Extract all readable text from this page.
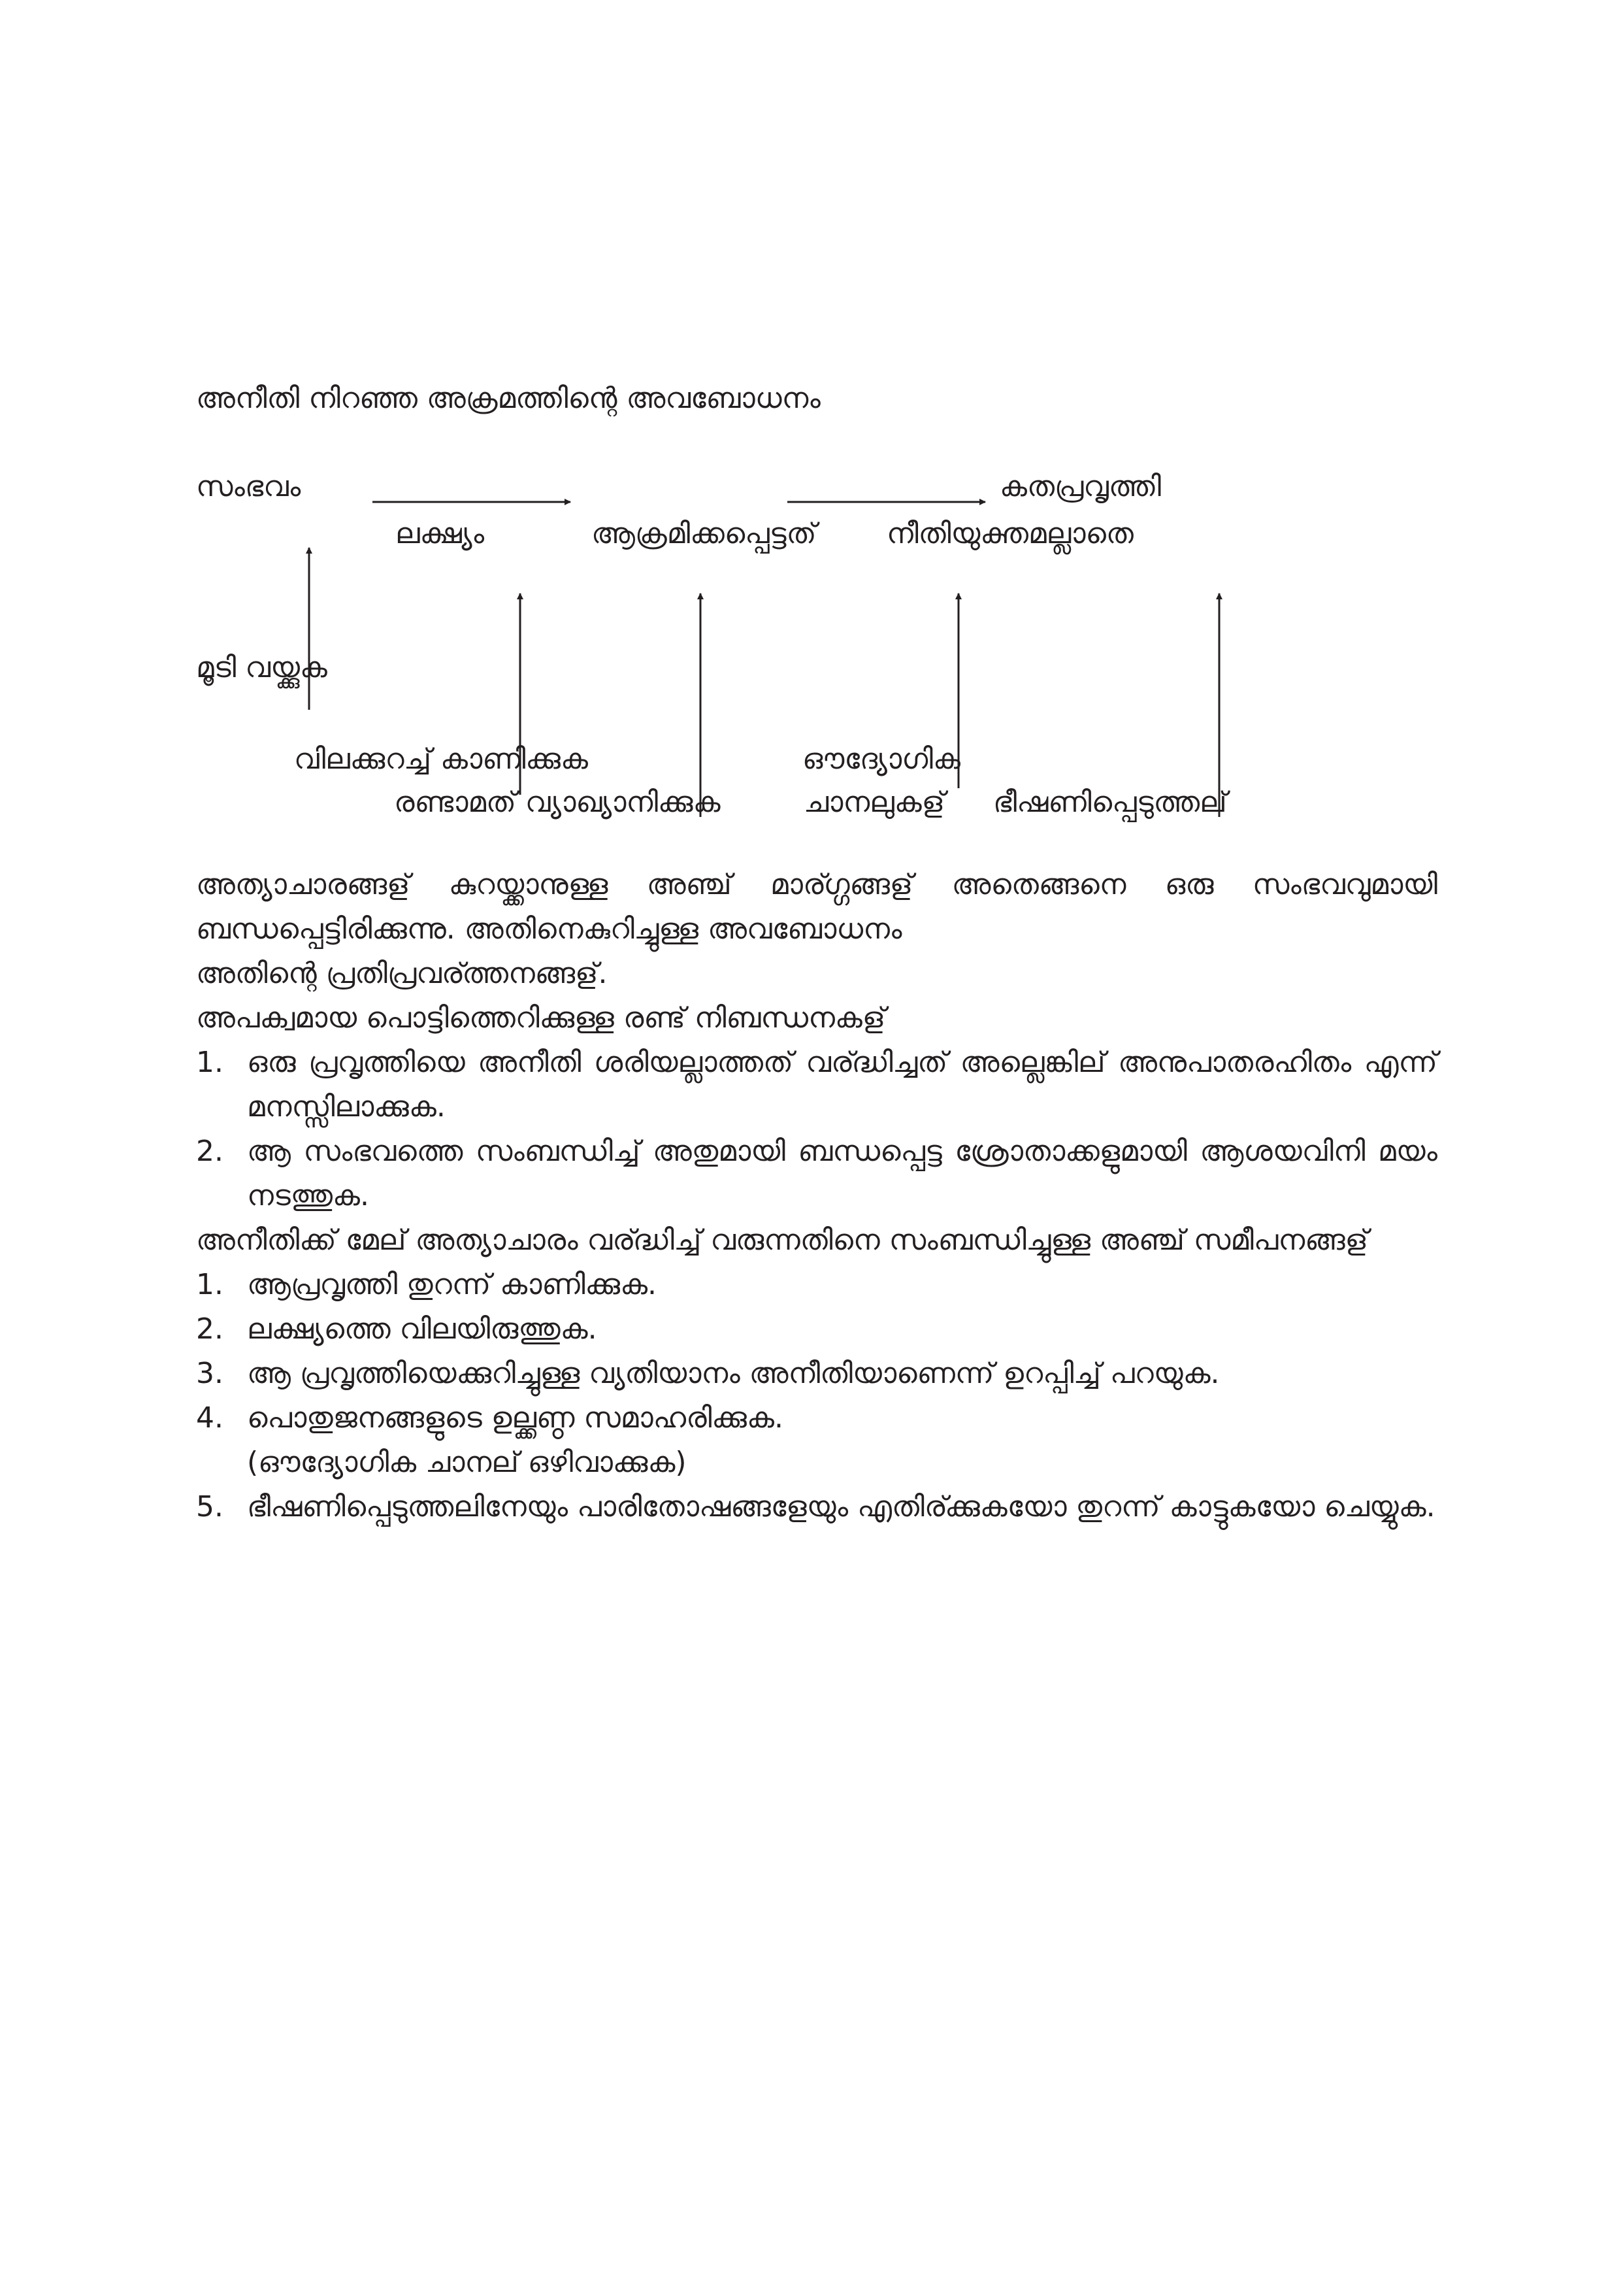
അനീതി നിറഞ്ഞ അക്രമത്തിന്റെ അവബോധനം
സംഭവം
ലക്ഷ്യം	ആക്രമിക്കപ്പെട്ടത്
കതപ്രവൃത്തി
നീതിയുക്തമല്ലാതെ
മൂടി വയ്ക്കുക
വിലക്കുറച്ച് കാണിക്കുക
രണ്ടാമത് വ്യാഖ്യാനിക്കുക
ഔദ്യോഗിക
ചാനലുകള് ഭീഷണിപ്പെടുത്തല്

അത്യാചാരങ്ങള് കുറയ്ക്കാനുള്ള അഞ്ച് മാര്ഗ്ഗങ്ങള് അതെങ്ങനെ ഒരു സംഭവവുമായി ബന്ധപ്പെട്ടിരിക്കുന്നു. അതിനെകുറിച്ചുള്ള അവബോധനം
അതിന്റെ പ്രതിപ്രവര്ത്തനങ്ങള്.

അപക്വമായ പൊട്ടിത്തെറിക്കുള്ള രണ്ട് നിബന്ധനകള്

1. ഒരു പ്രവൃത്തിയെ അനീതി ശരിയല്ലാത്തത് വര്ദ്ധിച്ചത് അല്ലെങ്കില് അനുപാതരഹിതം എന്ന് മനസ്സിലാക്കുക.
2. ആ സംഭവത്തെ സംബന്ധിച്ച് അതുമായി ബന്ധപ്പെട്ട ശ്രോതാക്കളുമായി ആശയവിനി മയം നടത്തുക.

അനീതിക്ക് മേല് അത്യാചാരം വര്ദ്ധിച്ച് വരുന്നതിനെ സംബന്ധിച്ചുള്ള അഞ്ച് സമീപനങ്ങള്

1. ആപ്രവൃത്തി തുറന്ന് കാണിക്കുക.
2. ലക്ഷ്യത്തെ വിലയിരുത്തുക.
3. ആ പ്രവൃത്തിയെക്കുറിച്ചുള്ള വ്യതിയാനം അനീതിയാണെന്ന് ഉറപ്പിച്ച് പറയുക.
4. പൊതുജനങ്ങളുടെ ഉല്ക്കണ്ഠ സമാഹരിക്കുക.
(ഔദ്യോഗിക ചാനല് ഒഴിവാക്കുക)
5. ഭീഷണിപ്പെടുത്തലിനേയും പാരിതോഷങ്ങളേയും എതിര്ക്കുകയോ തുറന്ന് കാട്ടുകയോ ചെയ്യുക.
